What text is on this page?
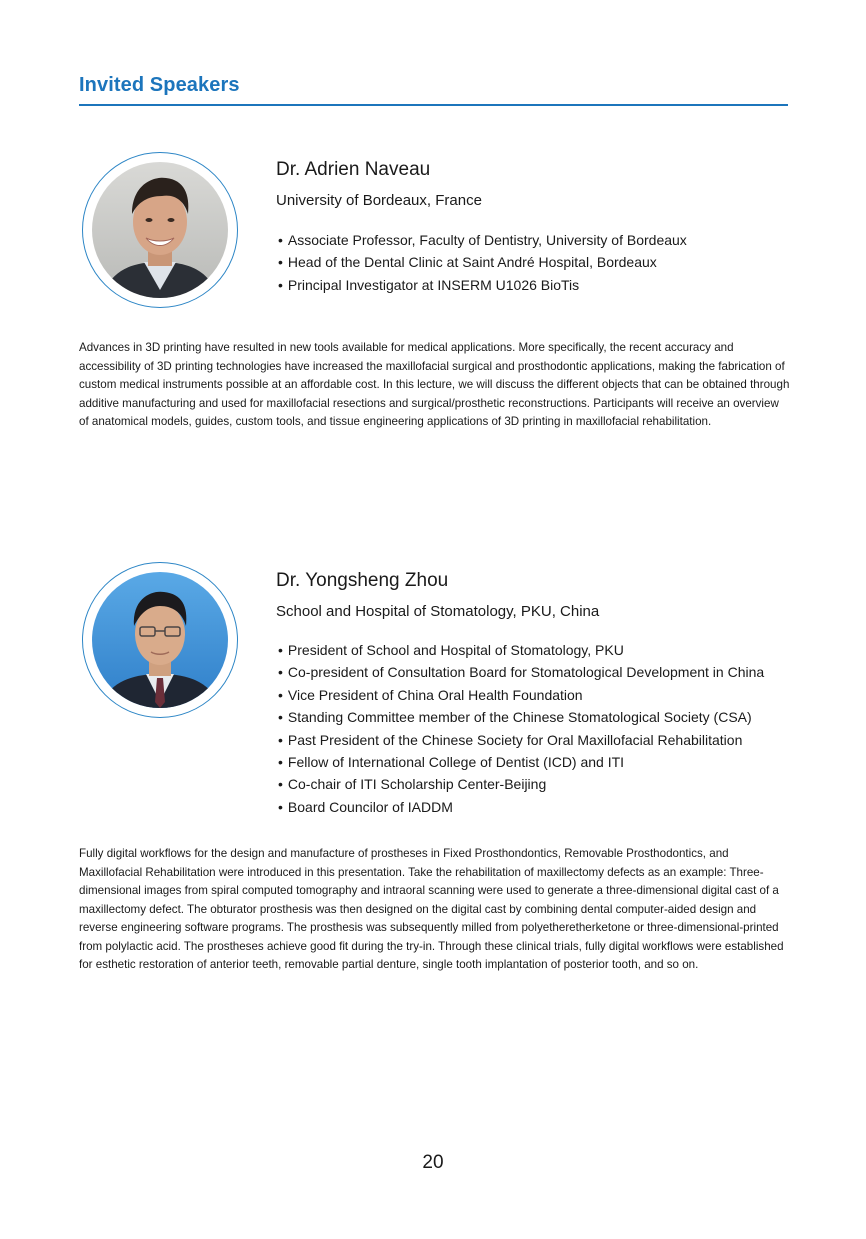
Invited Speakers
Dr. Adrien Naveau
University of Bordeaux, France
• Associate Professor, Faculty of Dentistry, University of Bordeaux
• Head of the Dental Clinic at Saint André Hospital, Bordeaux
• Principal Investigator at INSERM U1026 BioTis

Advances in 3D printing have resulted in new tools available for medical applications. More specifically, the recent accuracy and accessibility of 3D printing technologies have increased the maxillofacial surgical and prosthodontic applications, making the fabrication of custom medical instruments possible at an affordable cost. In this lecture, we will discuss the different objects that can be obtained through additive manufacturing and used for maxillofacial resections and surgical/prosthetic reconstructions. Participants will receive an overview of anatomical models, guides, custom tools, and tissue engineering applications of 3D printing in maxillofacial rehabilitation.

Dr. Yongsheng Zhou
School and Hospital of Stomatology, PKU, China
• President of School and Hospital of Stomatology, PKU
• Co-president of Consultation Board for Stomatological Development in China
• Vice President of China Oral Health Foundation
• Standing Committee member of the Chinese Stomatological Society (CSA)
• Past President of the Chinese Society for Oral Maxillofacial Rehabilitation
• Fellow of International College of Dentist (ICD) and ITI
• Co-chair of ITI Scholarship Center-Beijing
• Board Councilor of IADDM

Fully digital workflows for the design and manufacture of prostheses in Fixed Prosthondontics, Removable Prosthodontics, and Maxillofacial Rehabilitation were introduced in this presentation. Take the rehabilitation of maxillectomy defects as an example: Three-dimensional images from spiral computed tomography and intraoral scanning were used to generate a three-dimensional digital cast of a maxillectomy defect. The obturator prosthesis was then designed on the digital cast by combining dental computer-aided design and reverse engineering software programs. The prosthesis was subsequently milled from polyetheretherketone or three-dimensional-printed from polylactic acid. The prostheses achieve good fit during the try-in. Through these clinical trials, fully digital workflows were established for esthetic restoration of anterior teeth, removable partial denture, single tooth implantation of posterior tooth, and so on.

20
